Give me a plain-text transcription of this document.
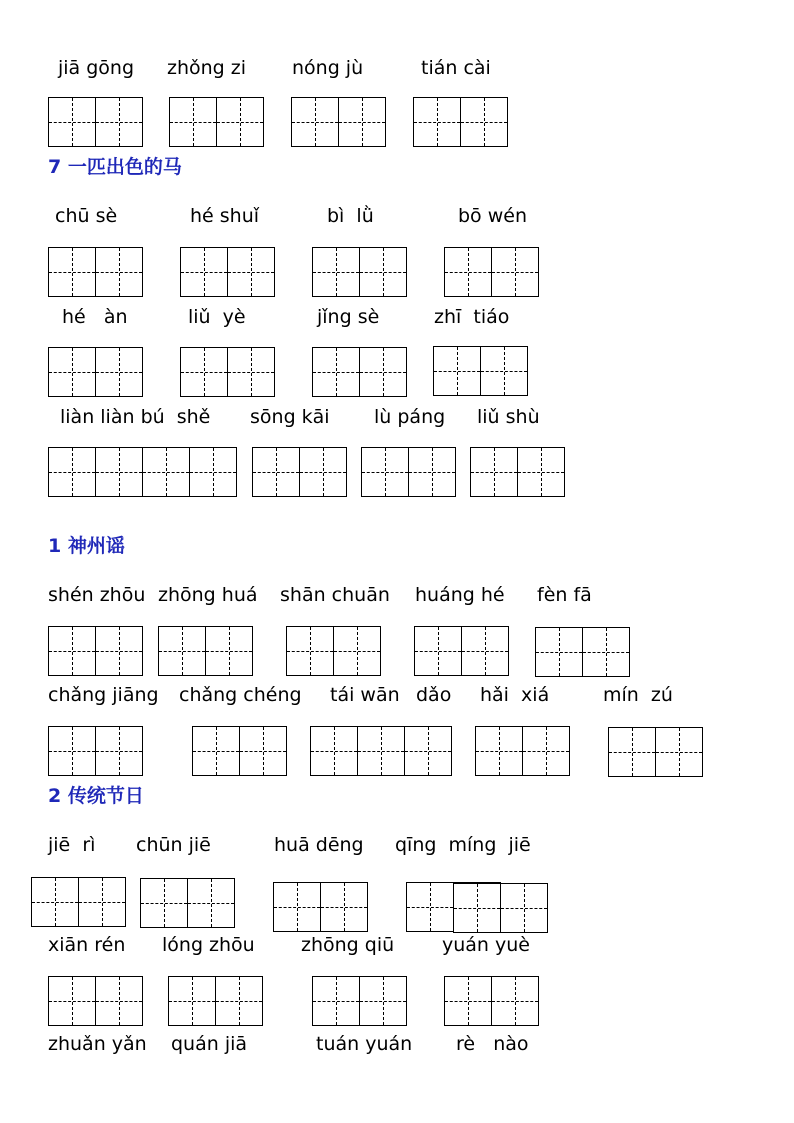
jiā gōng zhǒng zi nóng jù	tián cài
7 一匹出色的马
chū sè	hé shuǐ	bì  lǜ	bō wén
hé   àn	liǔ  yè	jǐng sè	zhī  tiáo
liàn liàn bú  shě sōng kāi lù páng liǔ shù
1 神州谣
shén zhōu zhōng huá shān chuān huáng hé fèn fā
chǎng jiāng chǎng chéng tái wān dǎo hǎi  xiá	mín  zú
2 传统节日
jiē  rì chūn jiē	huā dēng qīng  míng  jiē
xiān rén lóng zhōu zhōng qiū	yuán yuè
zhuǎn yǎn quán jiā	tuán yuán rè   nào
